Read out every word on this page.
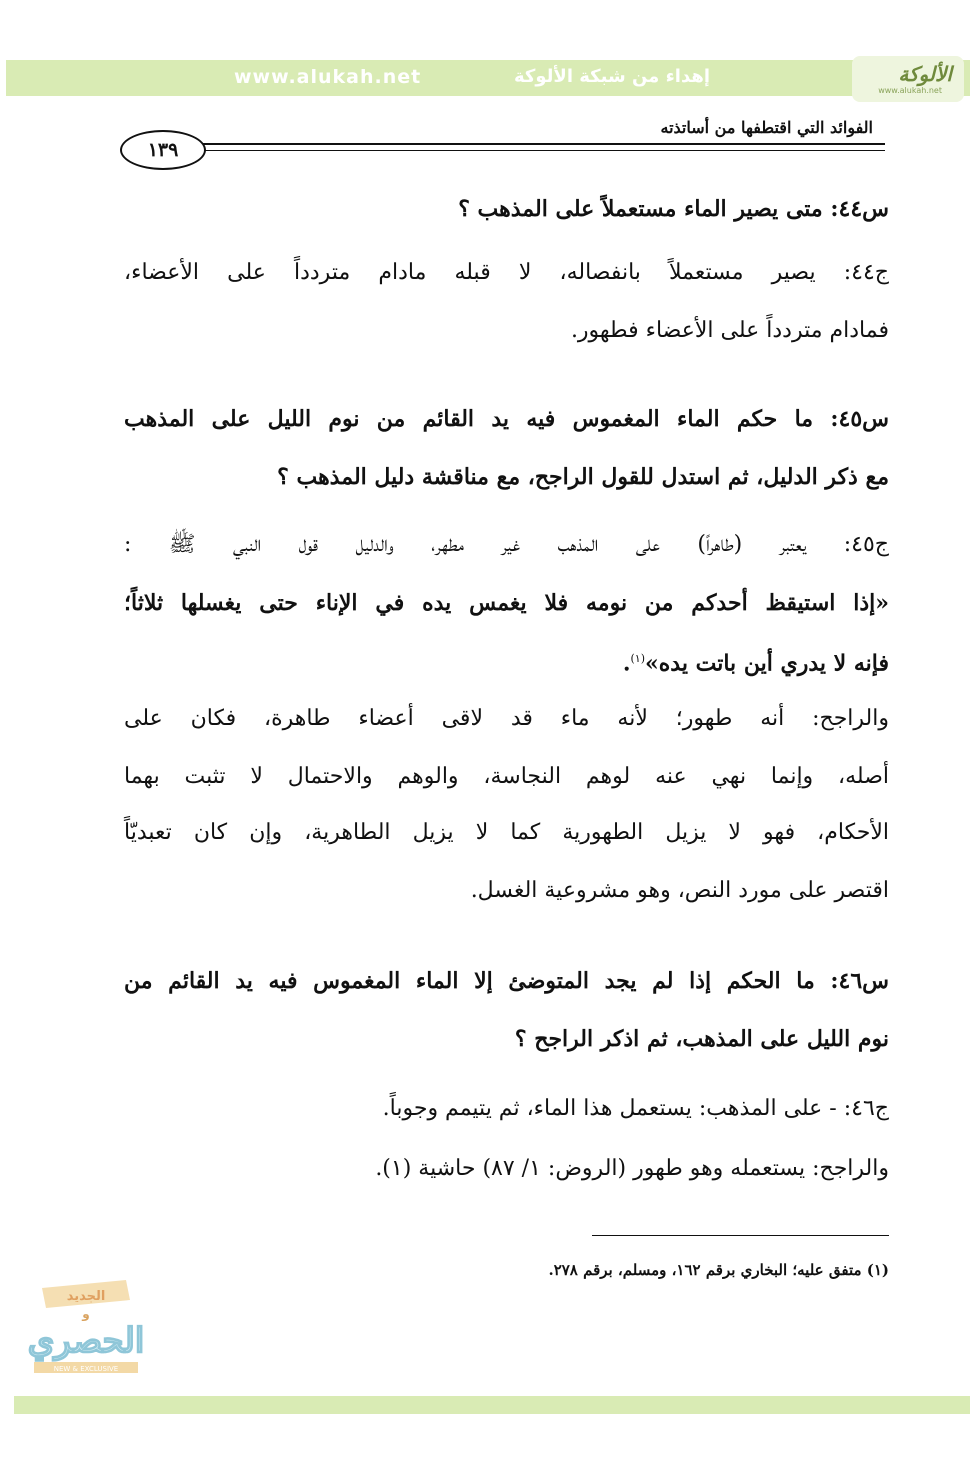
www.alukah.net	إهداء من شبكة الألوكة	الألوكة
www.alukah.net
الفوائد التي اقتطفها من أساتذته
١٣٩
س٤٤: متى يصير الماء مستعملاً على المذهب ؟
ج٤٤: يصير مستعملاً بانفصاله، لا قبله مادام متردداً على الأعضاء،
فمادام متردداً على الأعضاء فطهور.
س٤٥: ما حكم الماء المغموس فيه يد القائم من نوم الليل على المذهب
مع ذكر الدليل، ثم استدل للقول الراجح، مع مناقشة دليل المذهب ؟
ج٤٥: يعتبر (طاهراً) على المذهب غير مطهر، والدليل قول النبي ﷺ :
«إذا استيقظ أحدكم من نومه فلا يغمس يده في الإناء حتى يغسلها ثلاثاً؛
فإنه لا يدري أين باتت يده»$^{(١)}$.
والراجح: أنه طهور؛ لأنه ماء قد لاقى أعضاء طاهرة، فكان على
أصله، وإنما نهي عنه لوهم النجاسة، والوهم والاحتمال لا تثبت بهما
الأحكام، فهو لا يزيل الطهورية كما لا يزيل الطاهرية، وإن كان تعبديّاً
اقتصر على مورد النص، وهو مشروعية الغسل.
س٤٦: ما الحكم إذا لم يجد المتوضئ إلا الماء المغموس فيه يد القائم من
نوم الليل على المذهب، ثم اذكر الراجح ؟
ج٤٦: - على المذهب: يستعمل هذا الماء، ثم يتيمم وجوباً.
والراجح: يستعمله وهو طهور (الروض: ١/ ٨٧) حاشية (١).
(١) متفق عليه؛ البخاري برقم ١٦٢، ومسلم، برقم ٢٧٨.
الجديد
و
الحصري
NEW & EXCLUSIVE
